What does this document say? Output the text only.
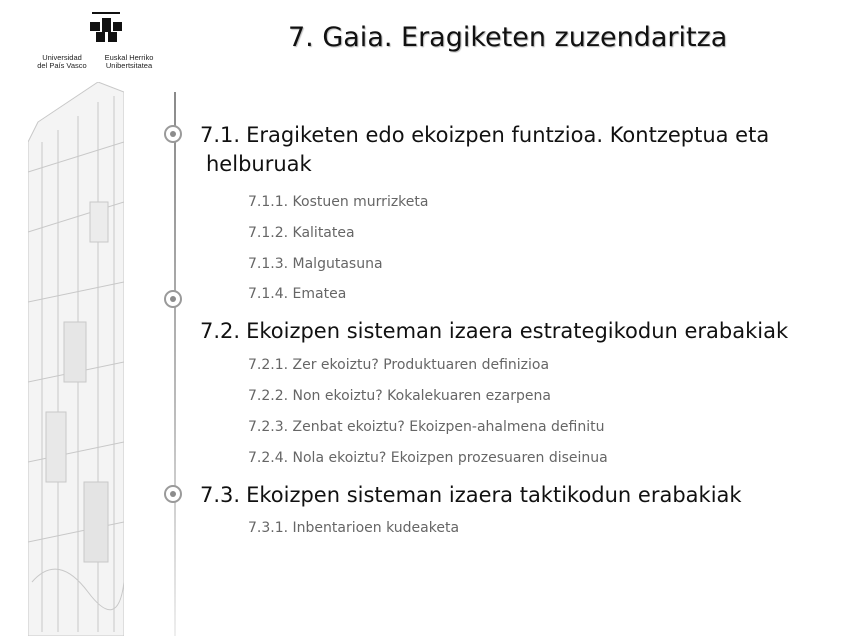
Universidad
del País Vasco
Euskal Herriko
Unibertsitatea
7. Gaia. Eragiketen zuzendaritza
7.1. Eragiketen edo ekoizpen funtzioa. Kontzeptua eta
helburuak
7.1.1. Kostuen murrizketa
7.1.2. Kalitatea
7.1.3. Malgutasuna
7.1.4. Ematea
7.2. Ekoizpen sisteman izaera estrategikodun erabakiak
7.2.1. Zer ekoiztu? Produktuaren definizioa
7.2.2. Non ekoiztu? Kokalekuaren ezarpena
7.2.3. Zenbat ekoiztu? Ekoizpen-ahalmena definitu
7.2.4. Nola ekoiztu? Ekoizpen prozesuaren diseinua
7.3. Ekoizpen sisteman izaera taktikodun erabakiak
7.3.1. Inbentarioen kudeaketa
